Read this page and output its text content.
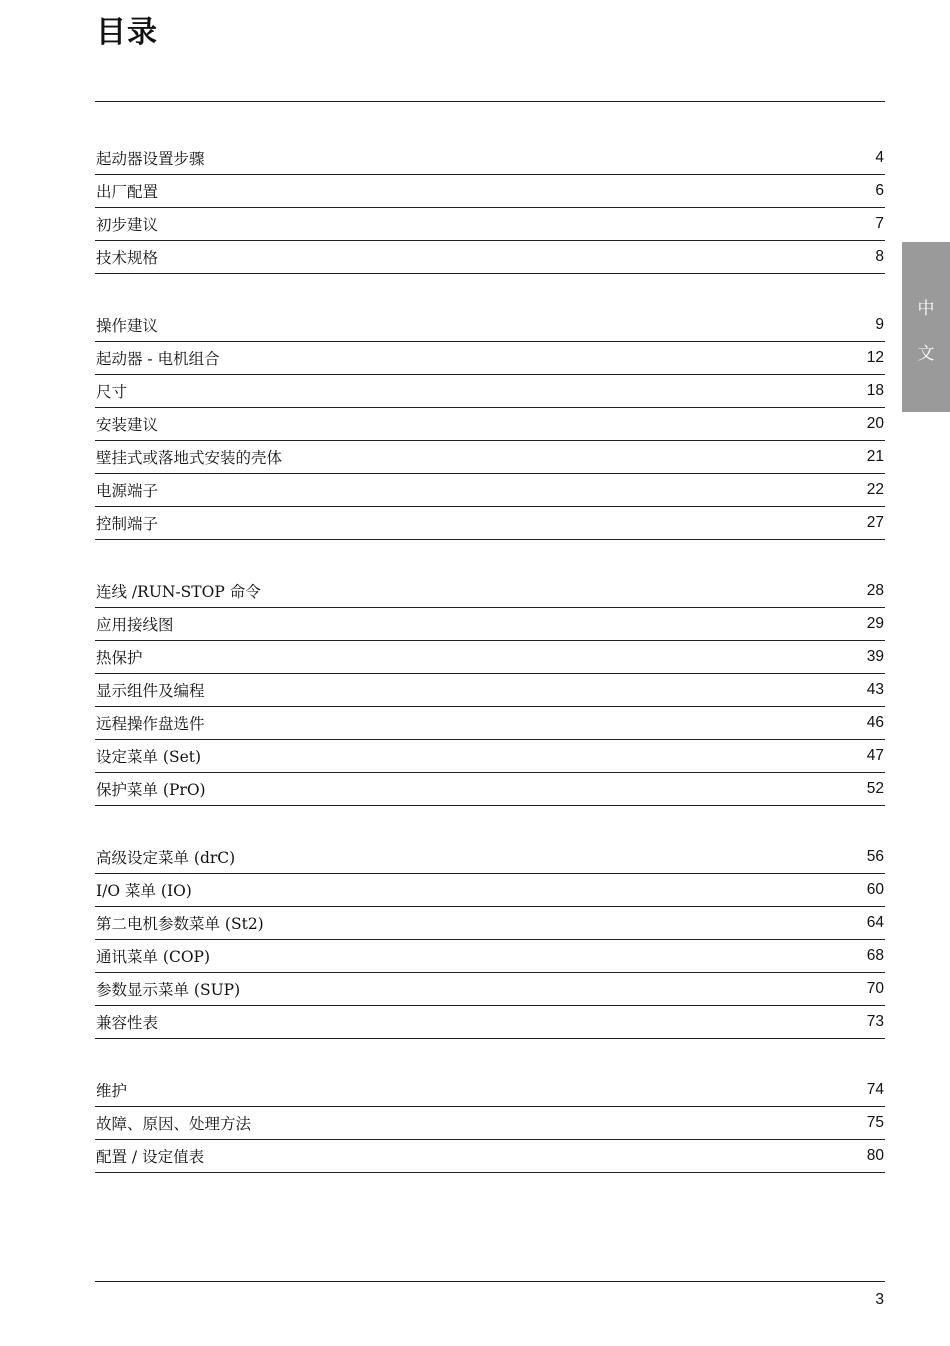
目录
起动器设置步骤	4
出厂配置	6
初步建议	7
技术规格	8
操作建议	9
起动器 - 电机组合	12
尺寸	18
安装建议	20
壁挂式或落地式安装的壳体	21
电源端子	22
控制端子	27
连线 /RUN-STOP 命令	28
应用接线图	29
热保护	39
显示组件及编程	43
远程操作盘选件	46
设定菜单 (Set)	47
保护菜单 (PrO)	52
高级设定菜单 (drC)	56
I/O 菜单 (IO)	60
第二电机参数菜单 (St2)	64
通讯菜单 (COP)	68
参数显示菜单 (SUP)	70
兼容性表	73
维护	74
故障、原因、处理方法	75
配置 / 设定值表	80
中
文
3
